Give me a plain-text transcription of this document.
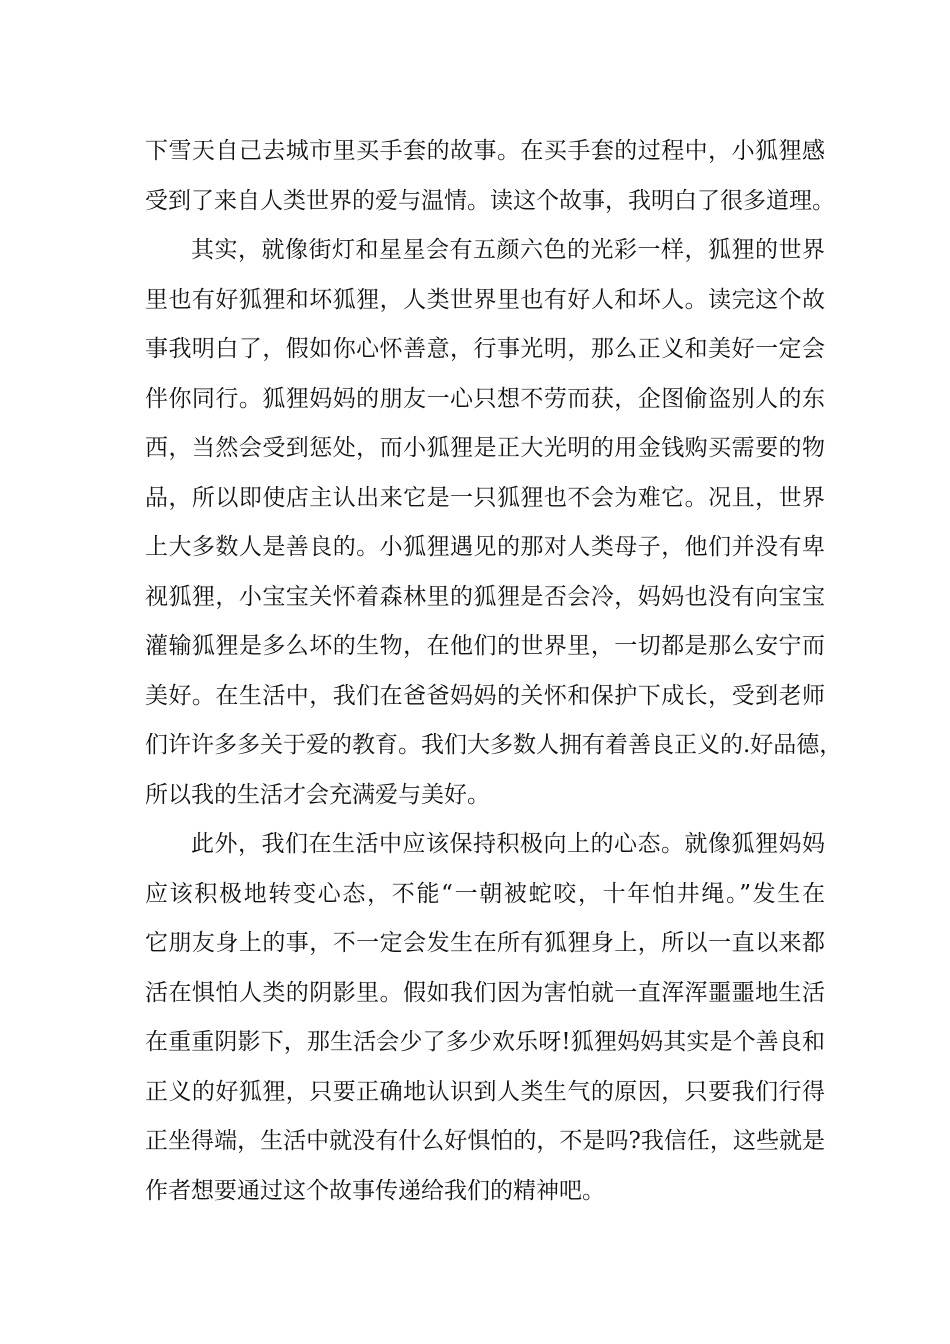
下雪天自己去城市里买手套的故事。在买手套的过程中，小狐狸感
受到了来自人类世界的爱与温情。读这个故事，我明白了很多道理。
其实，就像街灯和星星会有五颜六色的光彩一样，狐狸的世界
里也有好狐狸和坏狐狸，人类世界里也有好人和坏人。读完这个故
事我明白了，假如你心怀善意，行事光明，那么正义和美好一定会
伴你同行。狐狸妈妈的朋友一心只想不劳而获，企图偷盗别人的东
西，当然会受到惩处，而小狐狸是正大光明的用金钱购买需要的物
品，所以即使店主认出来它是一只狐狸也不会为难它。况且，世界
上大多数人是善良的。小狐狸遇见的那对人类母子，他们并没有卑
视狐狸，小宝宝关怀着森林里的狐狸是否会冷，妈妈也没有向宝宝
灌输狐狸是多么坏的生物，在他们的世界里，一切都是那么安宁而
美好。在生活中，我们在爸爸妈妈的关怀和保护下成长，受到老师
们许许多多关于爱的教育。我们大多数人拥有着善良正义的.好品德，
所以我的生活才会充满爱与美好。
此外，我们在生活中应该保持积极向上的心态。就像狐狸妈妈
应该积极地转变心态，不能“一朝被蛇咬，十年怕井绳。”发生在
它朋友身上的事，不一定会发生在所有狐狸身上，所以一直以来都
活在惧怕人类的阴影里。假如我们因为害怕就一直浑浑噩噩地生活
在重重阴影下，那生活会少了多少欢乐呀!狐狸妈妈其实是个善良和
正义的好狐狸，只要正确地认识到人类生气的原因，只要我们行得
正坐得端，生活中就没有什么好惧怕的，不是吗?我信任，这些就是
作者想要通过这个故事传递给我们的精神吧。
